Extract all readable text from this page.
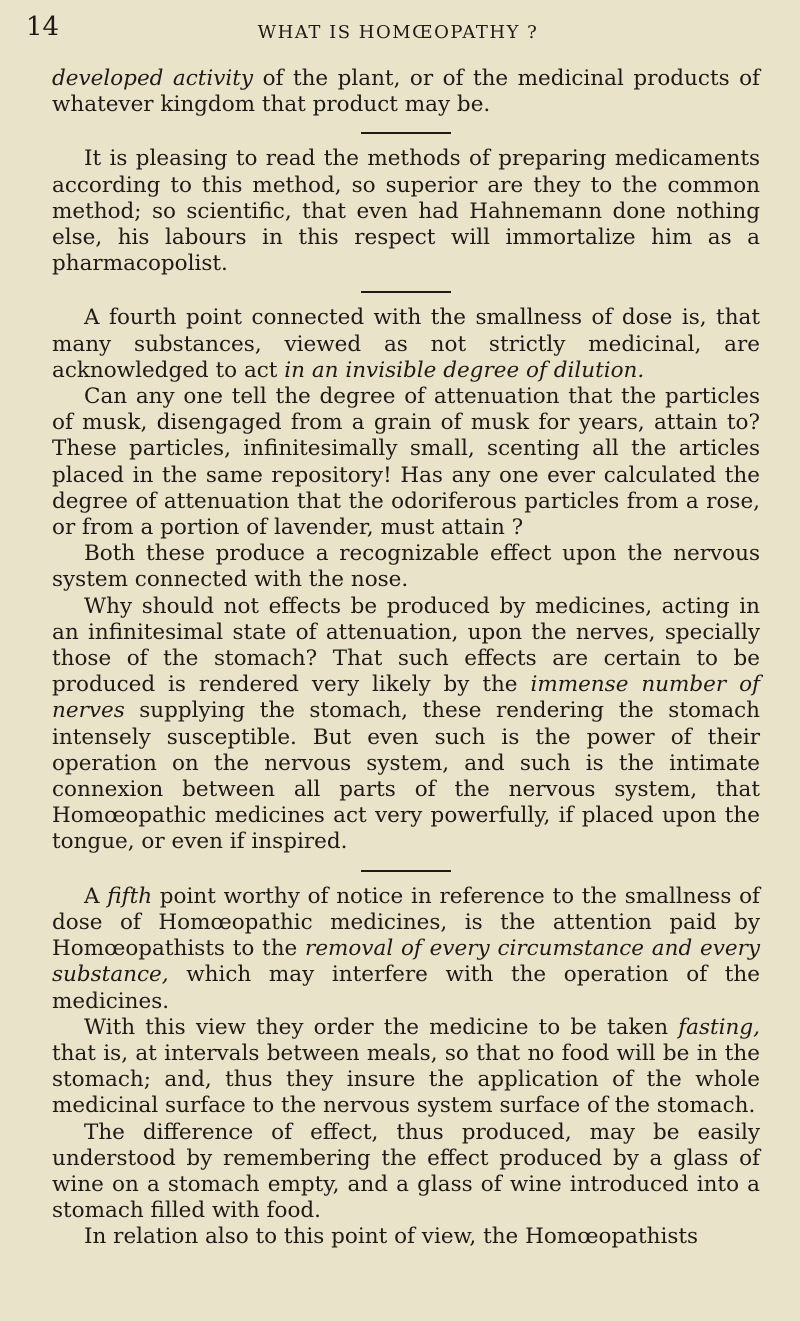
14	WHAT IS HOMŒOPATHY ?

developed activity of the plant, or of the medicinal products of whatever kingdom that product may be.

It is pleasing to read the methods of preparing medicaments according to this method, so superior are they to the common method; so scientific, that even had Hahnemann done nothing else, his labours in this respect will immortalize him as a pharmacopolist.

A fourth point connected with the smallness of dose is, that many substances, viewed as not strictly medicinal, are acknowledged to act in an invisible degree of dilution.

Can any one tell the degree of attenuation that the particles of musk, disengaged from a grain of musk for years, attain to? These particles, infinitesimally small, scenting all the articles placed in the same repository! Has any one ever calculated the degree of attenuation that the odoriferous particles from a rose, or from a portion of lavender, must attain ?

Both these produce a recognizable effect upon the nervous system connected with the nose.

Why should not effects be produced by medicines, acting in an infinitesimal state of attenuation, upon the nerves, specially those of the stomach? That such effects are certain to be produced is rendered very likely by the immense number of nerves supplying the stomach, these rendering the stomach intensely susceptible. But even such is the power of their operation on the nervous system, and such is the intimate connexion between all parts of the nervous system, that Homœopathic medicines act very powerfully, if placed upon the tongue, or even if inspired.

A fifth point worthy of notice in reference to the smallness of dose of Homœopathic medicines, is the attention paid by Homœopathists to the removal of every circumstance and every substance, which may interfere with the operation of the medicines.

With this view they order the medicine to be taken fasting, that is, at intervals between meals, so that no food will be in the stomach; and, thus they insure the application of the whole medicinal surface to the nervous system surface of the stomach.

The difference of effect, thus produced, may be easily understood by remembering the effect produced by a glass of wine on a stomach empty, and a glass of wine introduced into a stomach filled with food.

In relation also to this point of view, the Homœopathists
